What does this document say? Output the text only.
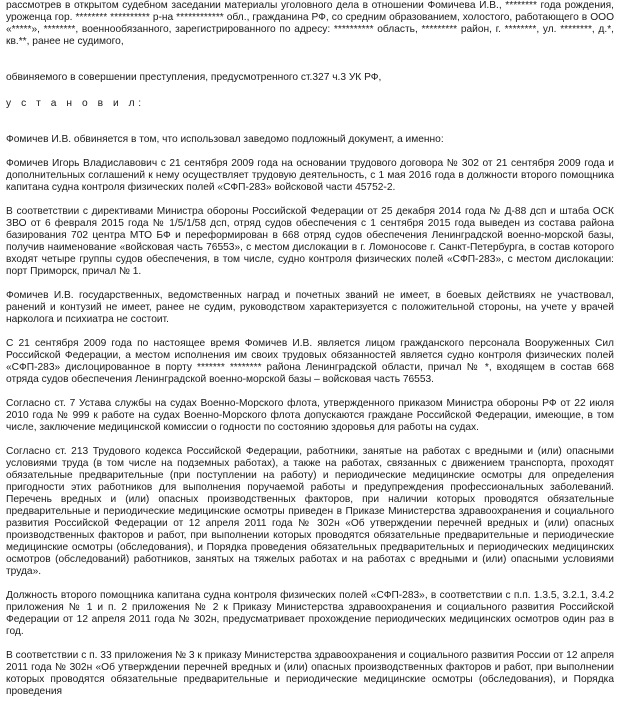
рассмотрев в открытом судебном заседании материалы уголовного дела в отношении Фомичева И.В., ******** года рождения, уроженца гор. ******** ********** р-на ************ обл., гражданина РФ, со средним образованием, холостого, работающего в ООО «*****», ********, военнообязанного, зарегистрированного по адресу: ********** область, ********* район, г. ********, ул. ********, д.*, кв.**, ранее не судимого,

обвиняемого в совершении преступления, предусмотренного ст.327 ч.3 УК РФ,

у с т а н о в и л:

Фомичев И.В. обвиняется в том, что использовал заведомо подложный документ, а именно:

Фомичев Игорь Владиславович с 21 сентября 2009 года на основании трудового договора № 302 от 21 сентября 2009 года и дополнительных соглашений к нему осуществляет трудовую деятельность, с 1 мая 2016 года в должности второго помощника капитана судна контроля физических полей «СФП-283» войсковой части 45752-2.

В соответствии с директивами Министра обороны Российской Федерации от 25 декабря 2014 года № Д-88 дсп и штаба ОСК ЗВО от 6 февраля 2015 года № 1/5/1/58 дсп, отряд судов обеспечения с 1 сентября 2015 года выведен из состава района базирования 702 центра МТО БФ и переформирован в 668 отряд судов обеспечения Ленинградской военно-морской базы, получив наименование «войсковая часть 76553», с местом дислокации в г. Ломоносове г. Санкт-Петербурга, в состав которого входят четыре группы судов обеспечения, в том числе, судно контроля физических полей «СФП-283», с местом дислокации: порт Приморск, причал № 1.

Фомичев И.В. государственных, ведомственных наград и почетных званий не имеет, в боевых действиях не участвовал, ранений и контузий не имеет, ранее не судим, руководством характеризуется с положительной стороны, на учете у врачей нарколога и психиатра не состоит.

С 21 сентября 2009 года по настоящее время Фомичев И.В. является лицом гражданского персонала Вооруженных Сил Российской Федерации, а местом исполнения им своих трудовых обязанностей является судно контроля физических полей «СФП-283» дислоцированное в порту ******* ******** района Ленинградской области, причал № *, входящем в состав 668 отряда судов обеспечения Ленинградской военно-морской базы – войсковая часть 76553.

Согласно ст. 7 Устава службы на судах Военно-Морского флота, утвержденного приказом Министра обороны РФ от 22 июля 2010 года № 999 к работе на судах Военно-Морского флота допускаются граждане Российской Федерации, имеющие, в том числе, заключение медицинской комиссии о годности по состоянию здоровья для работы на судах.

Согласно ст. 213 Трудового кодекса Российской Федерации, работники, занятые на работах с вредными и (или) опасными условиями труда (в том числе на подземных работах), а также на работах, связанных с движением транспорта, проходят обязательные предварительные (при поступлении на работу) и периодические медицинские осмотры для определения пригодности этих работников для выполнения поручаемой работы и предупреждения профессиональных заболеваний. Перечень вредных и (или) опасных производственных факторов, при наличии которых проводятся обязательные предварительные и периодические медицинские осмотры приведен в Приказе Министерства здравоохранения и социального развития Российской Федерации от 12 апреля 2011 года № 302н «Об утверждении перечней вредных и (или) опасных производственных факторов и работ, при выполнении которых проводятся обязательные предварительные и периодические медицинские осмотры (обследования), и Порядка проведения обязательных предварительных и периодических медицинских осмотров (обследований) работников, занятых на тяжелых работах и на работах с вредными и (или) опасными условиями труда».

Должность второго помощника капитана судна контроля физических полей «СФП-283», в соответствии с п.п. 1.3.5, 3.2.1, 3.4.2 приложения № 1 и п. 2 приложения № 2 к Приказу Министерства здравоохранения и социального развития Российской Федерации от 12 апреля 2011 года № 302н, предусматривает прохождение периодических медицинских осмотров один раз в год.

В соответствии с п. 33 приложения № 3 к приказу Министерства здравоохранения и социального развития России от 12 апреля 2011 года № 302н «Об утверждении перечней вредных и (или) опасных производственных факторов и работ, при выполнении которых проводятся обязательные предварительные и периодические медицинские осмотры (обследования), и Порядка проведения
